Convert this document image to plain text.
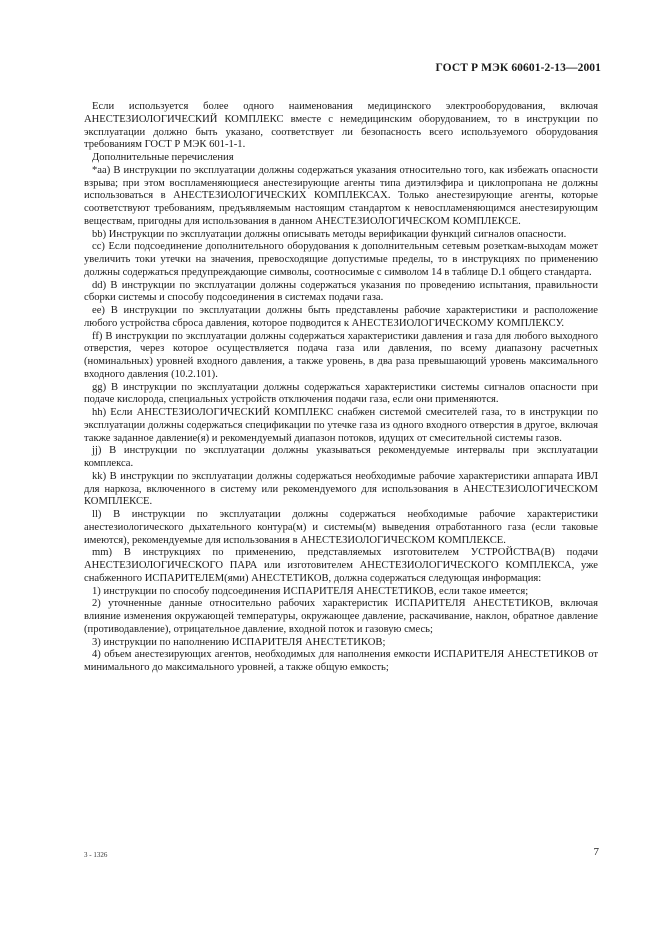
ГОСТ Р МЭК 60601-2-13—2001

Если используется более одного наименования медицинского электрооборудования, включая АНЕСТЕЗИОЛОГИЧЕСКИЙ КОМПЛЕКС вместе с немедицинским оборудованием, то в инструкции по эксплуатации должно быть указано, соответствует ли безопасность всего используемого оборудования требованиям ГОСТ Р МЭК 601-1-1.

Дополнительные перечисления

*аа) В инструкции по эксплуатации должны содержаться указания относительно того, как избежать опасности взрыва; при этом воспламеняющиеся анестезирующие агенты типа диэтилэфира и циклопропана не должны использоваться в АНЕСТЕЗИОЛОГИЧЕСКИХ КОМПЛЕКСАХ. Только анестезирующие агенты, которые соответствуют требованиям, предъявляемым настоящим стандартом к невоспламеняющимся анестезирующим веществам, пригодны для использования в данном АНЕСТЕЗИОЛОГИЧЕСКОМ КОМПЛЕКСЕ.

bb) Инструкции по эксплуатации должны описывать методы верификации функций сигналов опасности.

сс) Если подсоединение дополнительного оборудования к дополнительным сетевым розеткам-выходам может увеличить токи утечки на значения, превосходящие допустимые пределы, то в инструкциях по применению должны содержаться предупреждающие символы, соотносимые с символом 14 в таблице D.1 общего стандарта.

dd) В инструкции по эксплуатации должны содержаться указания по проведению испытания, правильности сборки системы и способу подсоединения в системах подачи газа.

ее) В инструкции по эксплуатации должны быть представлены рабочие характеристики и расположение любого устройства сброса давления, которое подводится к АНЕСТЕЗИОЛОГИЧЕСКОМУ КОМПЛЕКСУ.

ff) В инструкции по эксплуатации должны содержаться характеристики давления и газа для любого выходного отверстия, через которое осуществляется подача газа или давления, по всему диапазону расчетных (номинальных) уровней входного давления, а также уровень, в два раза превышающий уровень максимального входного давления (10.2.101).

gg) В инструкции по эксплуатации должны содержаться характеристики системы сигналов опасности при подаче кислорода, специальных устройств отключения подачи газа, если они применяются.

hh) Если АНЕСТЕЗИОЛОГИЧЕСКИЙ КОМПЛЕКС снабжен системой смесителей газа, то в инструкции по эксплуатации должны содержаться спецификации по утечке газа из одного входного отверстия в другое, включая также заданное давление(я) и рекомендуемый диапазон потоков, идущих от смесительной системы газов.

jj) В инструкции по эксплуатации должны указываться рекомендуемые интервалы при эксплуатации комплекса.

kk) В инструкции по эксплуатации должны содержаться необходимые рабочие характеристики аппарата ИВЛ для наркоза, включенного в систему или рекомендуемого для использования в АНЕСТЕЗИОЛОГИЧЕСКОМ КОМПЛЕКСЕ.

ll) В инструкции по эксплуатации должны содержаться необходимые рабочие характеристики анестезиологического дыхательного контура(м) и системы(м) выведения отработанного газа (если таковые имеются), рекомендуемые для использования в АНЕСТЕЗИОЛОГИЧЕСКОМ КОМПЛЕКСЕ.

mm) В инструкциях по применению, представляемых изготовителем УСТРОЙСТВА(В) подачи АНЕСТЕЗИОЛОГИЧЕСКОГО ПАРА или изготовителем АНЕСТЕЗИОЛОГИЧЕСКОГО КОМПЛЕКСА, уже снабженного ИСПАРИТЕЛЕМ(ями) АНЕСТЕТИКОВ, должна содержаться следующая информация:

1) инструкции по способу подсоединения ИСПАРИТЕЛЯ АНЕСТЕТИКОВ, если такое имеется;

2) уточненные данные относительно рабочих характеристик ИСПАРИТЕЛЯ АНЕСТЕТИКОВ, включая влияние изменения окружающей температуры, окружающее давление, раскачивание, наклон, обратное давление (противодавление), отрицательное давление, входной поток и газовую смесь;

3) инструкции по наполнению ИСПАРИТЕЛЯ АНЕСТЕТИКОВ;

4) объем анестезирующих агентов, необходимых для наполнения емкости ИСПАРИТЕЛЯ АНЕСТЕТИКОВ от минимального до максимального уровней, а также общую емкость;

3 - 1326	7
